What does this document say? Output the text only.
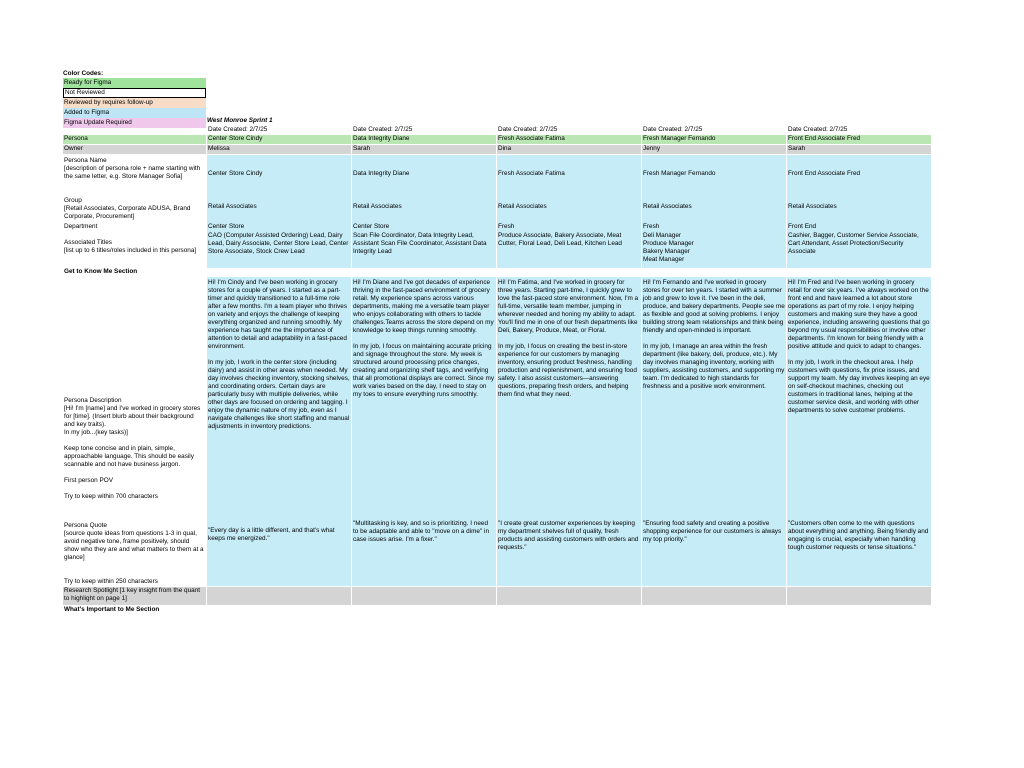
Color Codes:
Ready for Figma
Not Reviewed
Reviewed by requires follow-up
Added to Figma
Figma Update Required	West Monroe Sprint 1
Persona
Owner
Persona Name
[description of persona role + name starting with the same letter, e.g. Store Manager Sofia]
Group
[Retail Associates, Corporate ADUSA, Brand Corporate, Procurement]
Department
Associated Titles
[list up to 6 titles/roles included in this persona]
Get to Know Me Section
Persona Description
[Hi! I'm [name] and I've worked in grocery stores for [time]. (Insert blurb about their background and key traits).
In my job...(key tasks)]

Keep tone concise and in plain, simple, approachable language. This should be easily scannable and not have business jargon.

First person POV

Try to keep within 700 characters
Persona Quote
[source quote ideas from questions 1-3 in qual, avoid negative tone, frame positively, should show who they are and what matters to them at a glance]

Try to keep within 250 characters
Research Spotlight [1 key insight from the quant to highlight on page 1]
What's Important to Me Section
Date Created: 2/7/25
Center Store Cindy
Melissa
Center Store Cindy
Retail Associates
Center Store
CAO (Computer Assisted Ordering) Lead, Dairy Lead, Dairy Associate, Center Store Lead, Center Store Associate, Stock Crew Lead
Hi! I'm Cindy and I've been working in grocery stores for a couple of years. I started as a part-timer and quickly transitioned to a full-time role after a few months. I'm a team player who thrives on variety and enjoys the challenge of keeping everything organized and running smoothly. My experience has taught me the importance of attention to detail and adaptability in a fast-paced environment.

In my job, I work in the center store (including dairy) and assist in other areas when needed. My day involves checking inventory, stocking shelves, and coordinating orders. Certain days are particularly busy with multiple deliveries, while other days are focused on ordering and tagging. I enjoy the dynamic nature of my job, even as I navigate challenges like short staffing and manual adjustments in inventory predictions.
"Every day is a little different, and that's what keeps me energized."
Date Created: 2/7/25
Data Integrity Diane
Sarah
Data Integrity Diane
Retail Associates
Center Store
Scan File Coordinator, Data Integrity Lead, Assistant Scan File Coordinator, Assistant Data Integrity Lead
Hi! I'm Diane and I've got decades of experience thriving in the fast-paced environment of grocery retail. My experience spans across various departments, making me a versatile team player who enjoys collaborating with others to tackle challenges.Teams across the store depend on my knowledge to keep things running smoothly.

In my job, I focus on maintaining accurate pricing and signage throughout the store. My week is structured around processing price changes, creating and organizing shelf tags, and verifying that all promotional displays are correct. Since my work varies based on the day, I need to stay on my toes to ensure everything runs smoothly.
"Multitasking is key, and so is prioritizing. I need to be adaptable and able to "move on a dime" in case issues arise. I'm a fixer."
Date Created: 2/7/25
Fresh Associate Fatima
Dina
Fresh Associate Fatima
Retail Associates
Fresh
Produce Associate, Bakery Associate, Meat Cutter, Floral Lead, Deli Lead, Kitchen Lead
Hi! I'm Fatima, and I've worked in grocery for three years. Starting part-time, I quickly grew to love the fast-paced store environment. Now, I'm a full-time, versatile team member, jumping in wherever needed and honing my ability to adapt. You'll find me in one of our fresh departments like Deli, Bakery, Produce, Meat, or Floral.

In my job, I focus on creating the best in-store experience for our customers by managing inventory, ensuring product freshness, handling production and replenishment, and ensuring food safety. I also assist customers—answering questions, preparing fresh orders, and helping them find what they need.
"I create great customer experiences by keeping my department shelves full of quality, fresh products and assisting customers with orders and requests."
Date Created: 2/7/25
Fresh Manager Fernando
Jenny
Fresh Manager Fernando
Retail Associates
Fresh
Deli Manager
Produce Manager
Bakery Manager
Meat Manager
Hi! I'm Fernando and I've worked in grocery stores for over ten years. I started with a summer job and grew to love it. I've been in the deli, produce, and bakery departments. People see me as flexible and good at solving problems. I enjoy building strong team relationships and think being friendly and open-minded is important.

In my job, I manage an area within the fresh department (like bakery, deli, produce, etc.). My day involves managing inventory, working with suppliers, assisting customers, and supporting my team. I'm dedicated to high standards for freshness and a positive work environment.
"Ensuring food safety and creating a positive shopping experience for our customers is always my top priority."
Date Created: 2/7/25
Front End Associate Fred
Sarah
Front End Associate Fred
Retail Associates
Front End
Cashier, Bagger, Customer Service Associate, Cart Attendant, Asset Protection/Security Associate
Hi! I'm Fred and I've been working in grocery retail for over six years. I've always worked on the front end and have learned a lot about store operations as part of my role. I enjoy helping customers and making sure they have a good experience, including answering questions that go beyond my usual responsibilities or involve other departments. I'm known for being friendly with a positive attitude and quick to adapt to changes.

In my job, I work in the checkout area. I help customers with questions, fix price issues, and support my team. My day involves keeping an eye on self-checkout machines, checking out customers in traditional lanes, helping at the customer service desk, and working with other departments to solve customer problems.
"Customers often come to me with questions about everything and anything. Being friendly and engaging is crucial, especially when handling tough customer requests or tense situations."
